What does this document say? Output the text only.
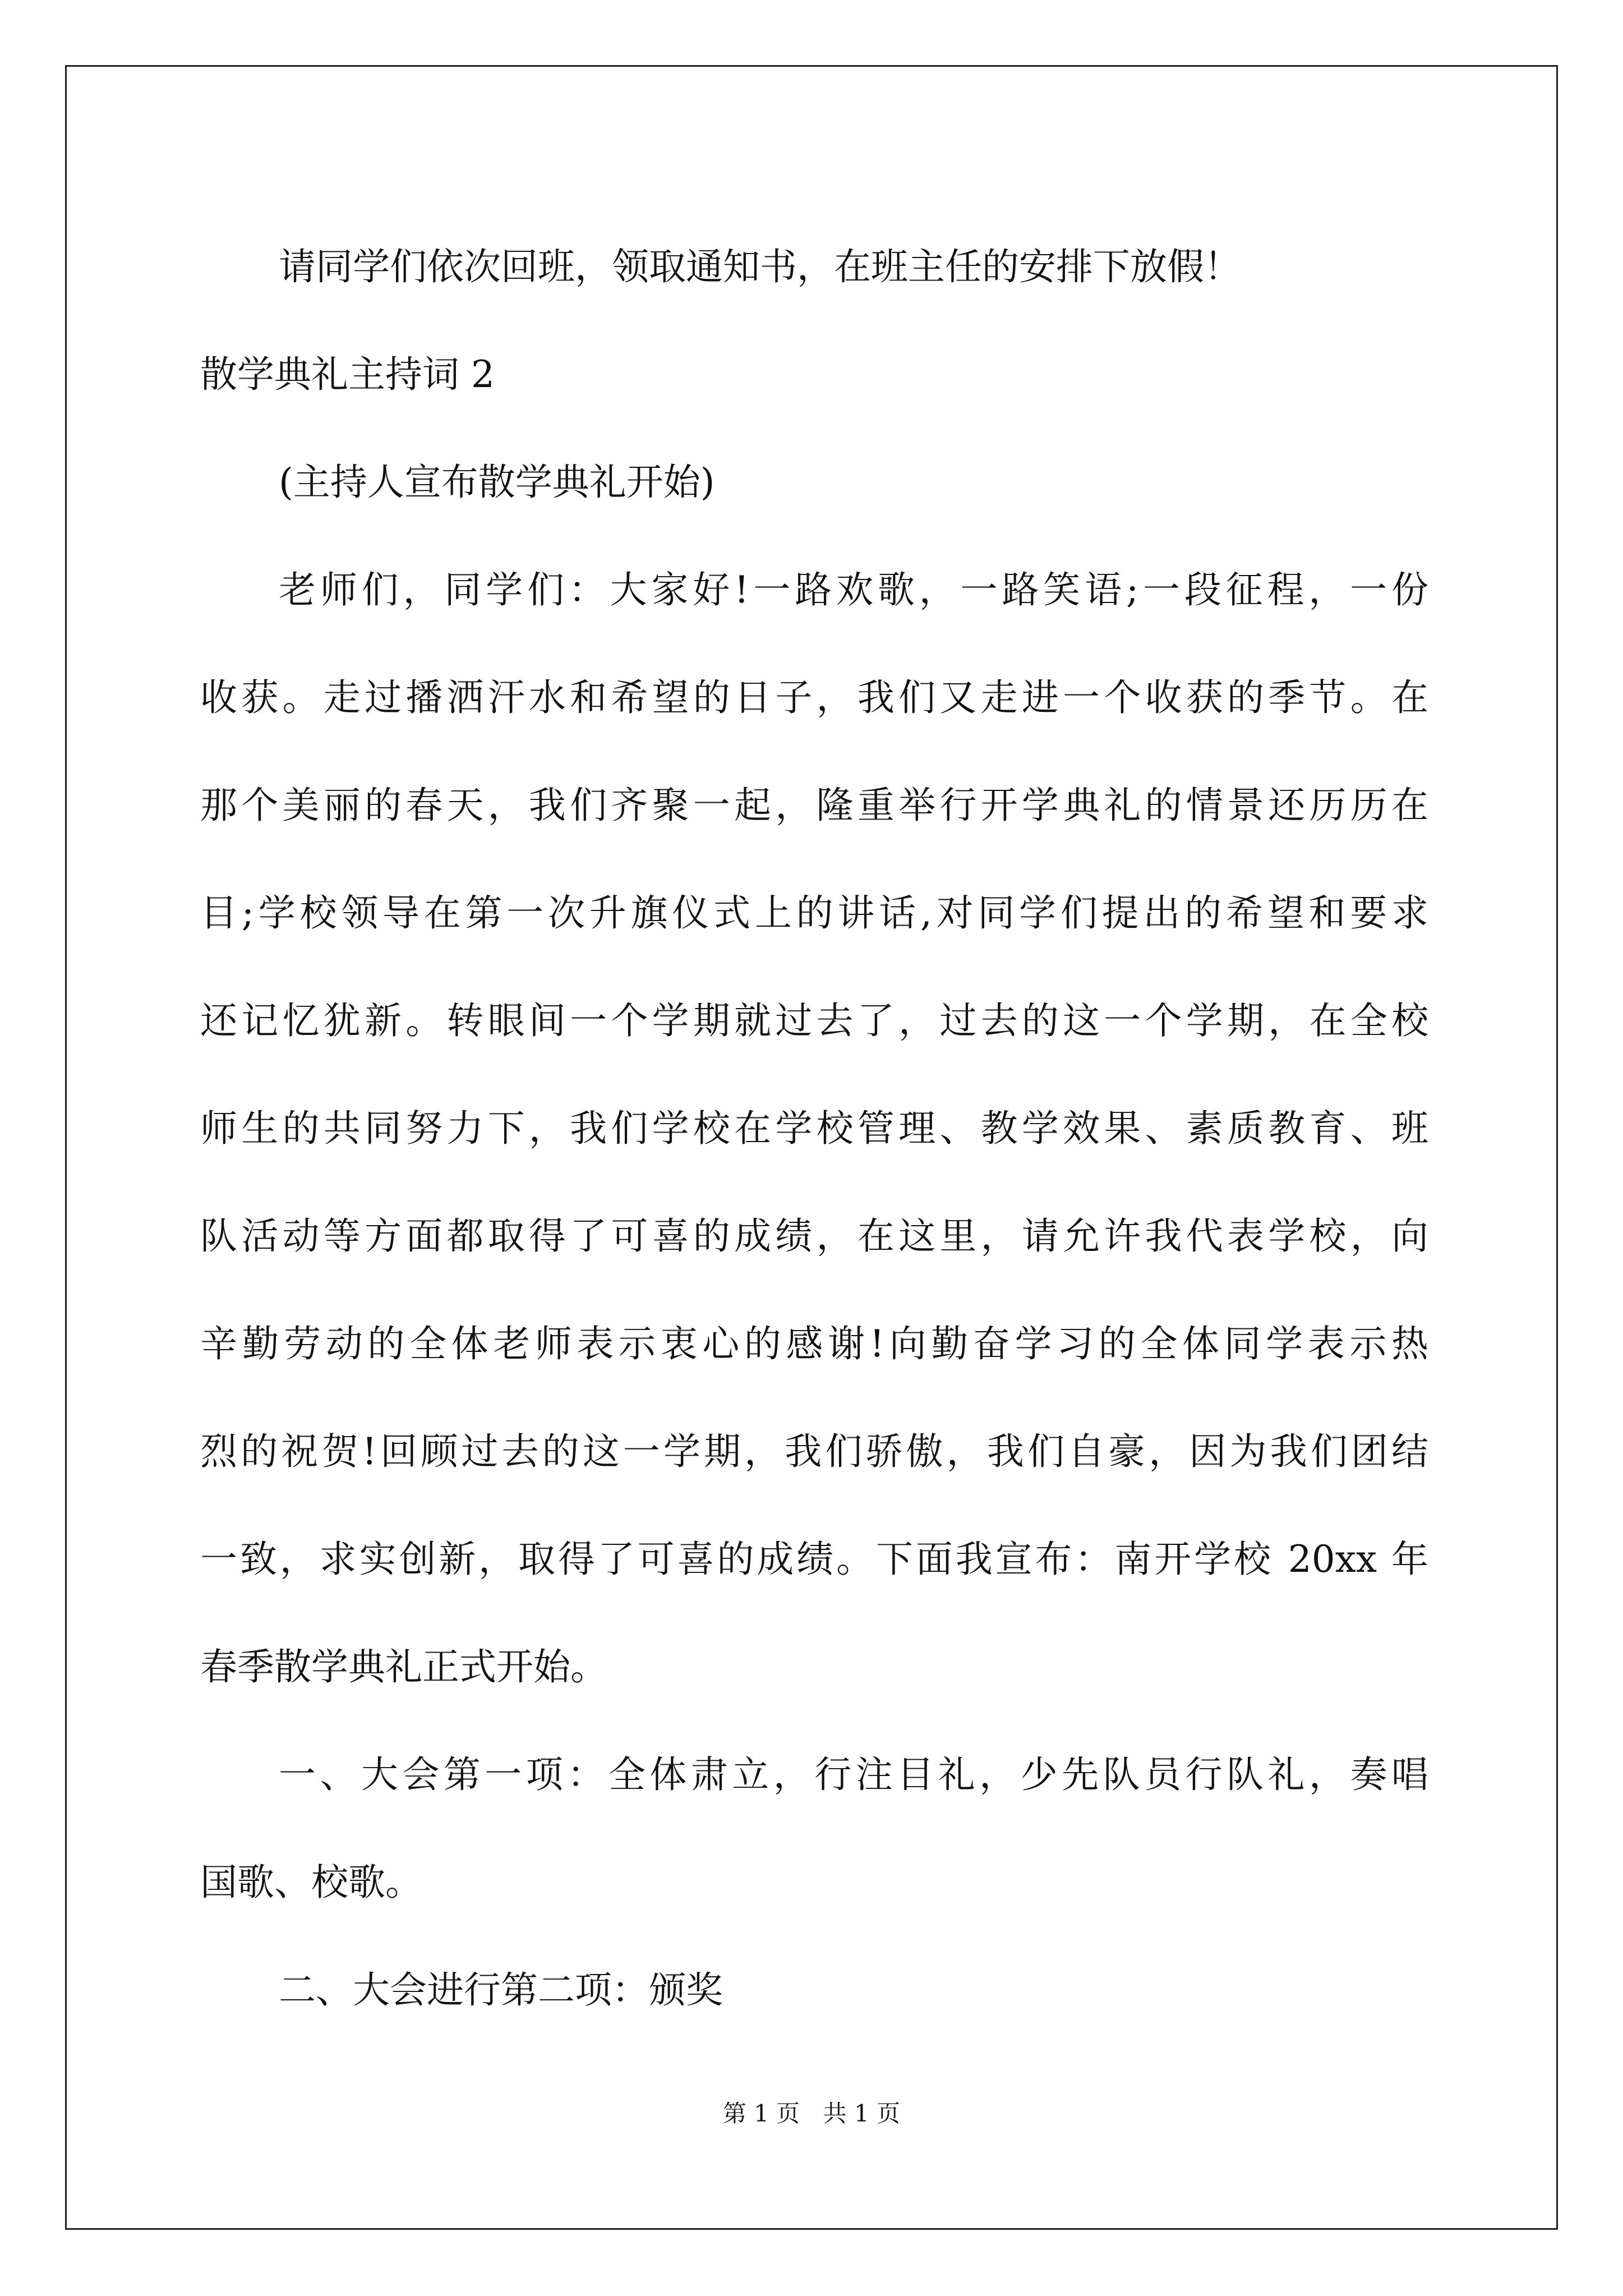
请同学们依次回班，领取通知书，在班主任的安排下放假！
散学典礼主持词 2
(主持人宣布散学典礼开始)
老师们，同学们：大家好!一路欢歌，一路笑语;一段征程，一份
收获。走过播洒汗水和希望的日子，我们又走进一个收获的季节。在
那个美丽的春天，我们齐聚一起，隆重举行开学典礼的情景还历历在
目;学校领导在第一次升旗仪式上的讲话,对同学们提出的希望和要求
还记忆犹新。转眼间一个学期就过去了，过去的这一个学期，在全校
师生的共同努力下，我们学校在学校管理、教学效果、素质教育、班
队活动等方面都取得了可喜的成绩，在这里，请允许我代表学校，向
辛勤劳动的全体老师表示衷心的感谢!向勤奋学习的全体同学表示热
烈的祝贺!回顾过去的这一学期，我们骄傲，我们自豪，因为我们团结
一致，求实创新，取得了可喜的成绩。下面我宣布：南开学校 20xx 年
春季散学典礼正式开始。
一、大会第一项：全体肃立，行注目礼，少先队员行队礼，奏唱
国歌、校歌。
二、大会进行第二项：颁奖
第 1 页 共 1 页
